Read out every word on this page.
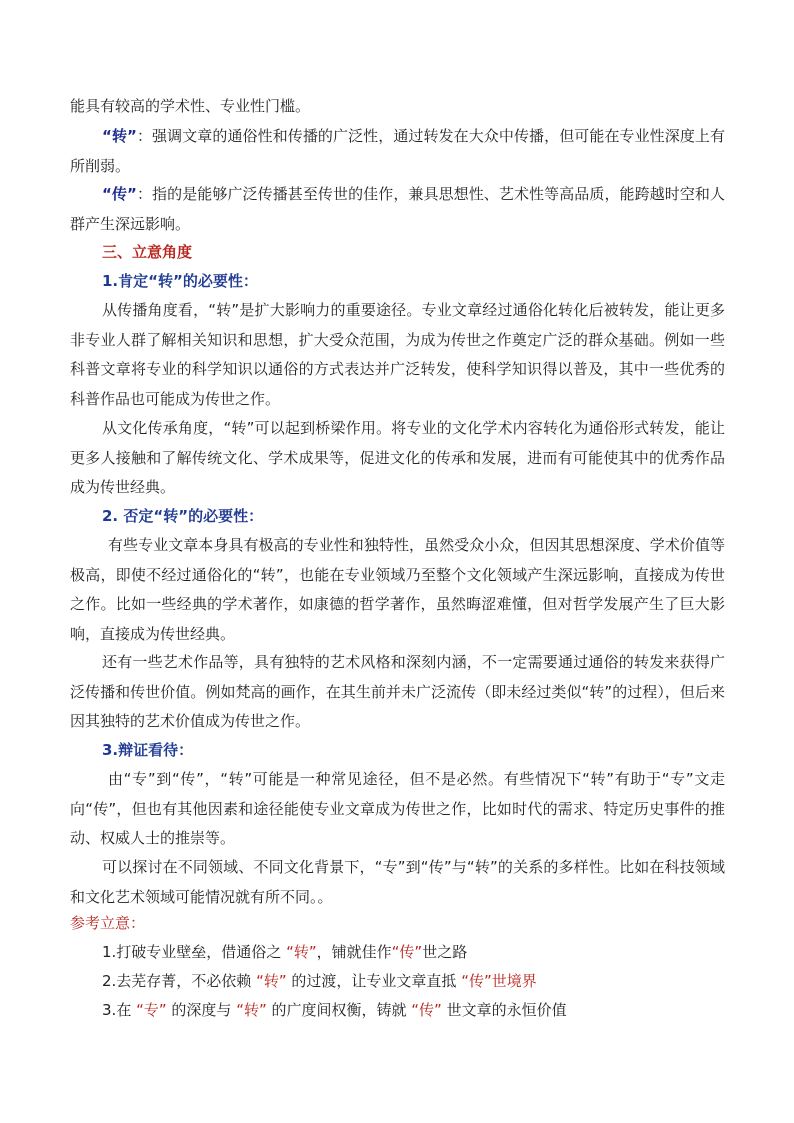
能具有较高的学术性、专业性门槛。

“转”：强调文章的通俗性和传播的广泛性，通过转发在大众中传播，但可能在专业性深度上有所削弱。

“传”：指的是能够广泛传播甚至传世的佳作，兼具思想性、艺术性等高品质，能跨越时空和人群产生深远影响。

三、立意角度
1.肯定“转”的必要性：

从传播角度看，“转”是扩大影响力的重要途径。专业文章经过通俗化转化后被转发，能让更多非专业人群了解相关知识和思想，扩大受众范围，为成为传世之作奠定广泛的群众基础。例如一些科普文章将专业的科学知识以通俗的方式表达并广泛转发，使科学知识得以普及，其中一些优秀的科普作品也可能成为传世之作。

从文化传承角度，“转”可以起到桥梁作用。将专业的文化学术内容转化为通俗形式转发，能让更多人接触和了解传统文化、学术成果等，促进文化的传承和发展，进而有可能使其中的优秀作品成为传世经典。

2. 否定“转”的必要性：

有些专业文章本身具有极高的专业性和独特性，虽然受众小众，但因其思想深度、学术价值等极高，即使不经过通俗化的“转”，也能在专业领域乃至整个文化领域产生深远影响，直接成为传世之作。比如一些经典的学术著作，如康德的哲学著作，虽然晦涩难懂，但对哲学发展产生了巨大影响，直接成为传世经典。

还有一些艺术作品等，具有独特的艺术风格和深刻内涵，不一定需要通过通俗的转发来获得广泛传播和传世价值。例如梵高的画作，在其生前并未广泛流传（即未经过类似“转”的过程），但后来因其独特的艺术价值成为传世之作。

3.辩证看待：

由“专”到“传”，“转”可能是一种常见途径，但不是必然。有些情况下“转”有助于“专”文走向“传”，但也有其他因素和途径能使专业文章成为传世之作，比如时代的需求、特定历史事件的推动、权威人士的推崇等。

可以探讨在不同领域、不同文化背景下，“专”到“传”与“转”的关系的多样性。比如在科技领域和文化艺术领域可能情况就有所不同。。

参考立意：
1.打破专业壁垒，借通俗之 “转”，铺就佳作“传”世之路
2.去芜存菁，不必依赖 “转” 的过渡，让专业文章直抵 “传”世境界
3.在 “专” 的深度与 “转” 的广度间权衡，铸就 “传” 世文章的永恒价值
